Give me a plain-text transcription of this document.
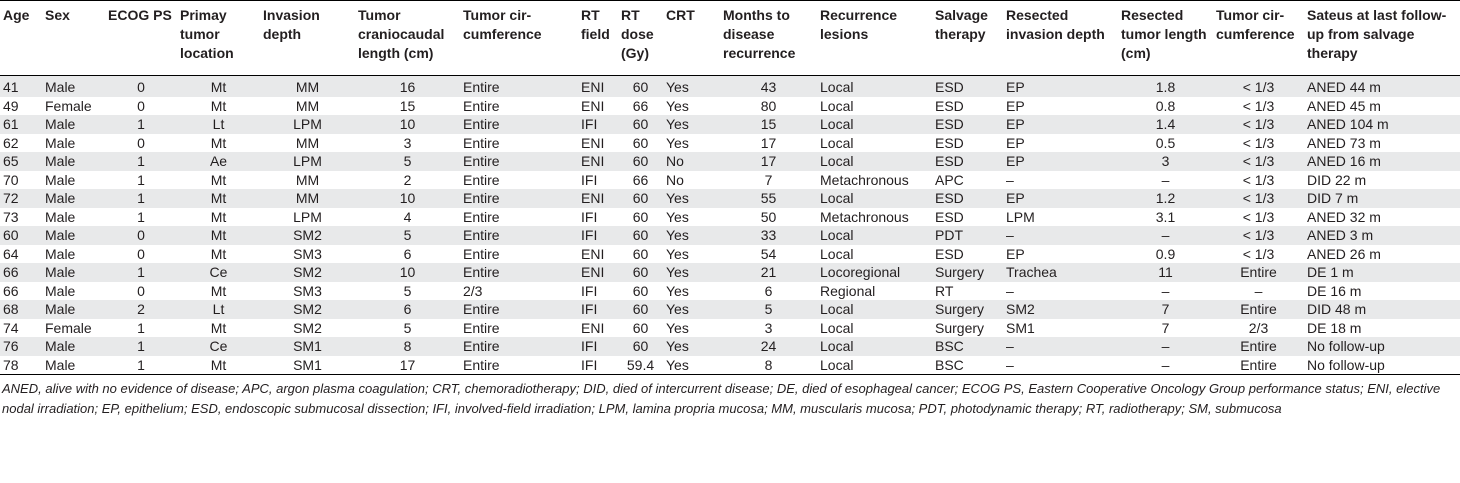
Age	Sex	ECOG PS	Primay tumor location	Invasion depth	Tumor craniocaudal length (cm)	Tumor cir-cumference	RT field	RT dose (Gy)	CRT	Months to disease recurrence	Recurrence lesions	Salvage therapy	Resected invasion depth	Resected tumor length (cm)	Tumor cir-cumference	Sateus at last follow-up from salvage therapy
41	Male	0	Mt	MM	16	Entire	ENI	60	Yes	43	Local	ESD	EP	1.8	< 1/3	ANED 44 m
49	Female	0	Mt	MM	15	Entire	ENI	66	Yes	80	Local	ESD	EP	0.8	< 1/3	ANED 45 m
61	Male	1	Lt	LPM	10	Entire	IFI	60	Yes	15	Local	ESD	EP	1.4	< 1/3	ANED 104 m
62	Male	0	Mt	MM	3	Entire	ENI	60	Yes	17	Local	ESD	EP	0.5	< 1/3	ANED 73 m
65	Male	1	Ae	LPM	5	Entire	ENI	60	No	17	Local	ESD	EP	3	< 1/3	ANED 16 m
70	Male	1	Mt	MM	2	Entire	IFI	66	No	7	Metachronous	APC	–	–	< 1/3	DID 22 m
72	Male	1	Mt	MM	10	Entire	ENI	60	Yes	55	Local	ESD	EP	1.2	< 1/3	DID 7 m
73	Male	1	Mt	LPM	4	Entire	IFI	60	Yes	50	Metachronous	ESD	LPM	3.1	< 1/3	ANED 32 m
60	Male	0	Mt	SM2	5	Entire	IFI	60	Yes	33	Local	PDT	–	–	< 1/3	ANED 3 m
64	Male	0	Mt	SM3	6	Entire	ENI	60	Yes	54	Local	ESD	EP	0.9	< 1/3	ANED 26 m
66	Male	1	Ce	SM2	10	Entire	ENI	60	Yes	21	Locoregional	Surgery	Trachea	11	Entire	DE 1 m
66	Male	0	Mt	SM3	5	2/3	IFI	60	Yes	6	Regional	RT	–	–	–	DE 16 m
68	Male	2	Lt	SM2	6	Entire	IFI	60	Yes	5	Local	Surgery	SM2	7	Entire	DID 48 m
74	Female	1	Mt	SM2	5	Entire	ENI	60	Yes	3	Local	Surgery	SM1	7	2/3	DE 18 m
76	Male	1	Ce	SM1	8	Entire	IFI	60	Yes	24	Local	BSC	–	–	Entire	No follow-up
78	Male	1	Mt	SM1	17	Entire	IFI	59.4	Yes	8	Local	BSC	–	–	Entire	No follow-up
ANED, alive with no evidence of disease; APC, argon plasma coagulation; CRT, chemoradiotherapy; DID, died of intercurrent disease; DE, died of esophageal cancer; ECOG PS, Eastern Cooperative Oncology Group performance status; ENI, elective nodal irradiation; EP, epithelium; ESD, endoscopic submucosal dissection; IFI, involved-field irradiation; LPM, lamina propria mucosa; MM, muscularis mucosa; PDT, photodynamic therapy; RT, radiotherapy; SM, submucosa
